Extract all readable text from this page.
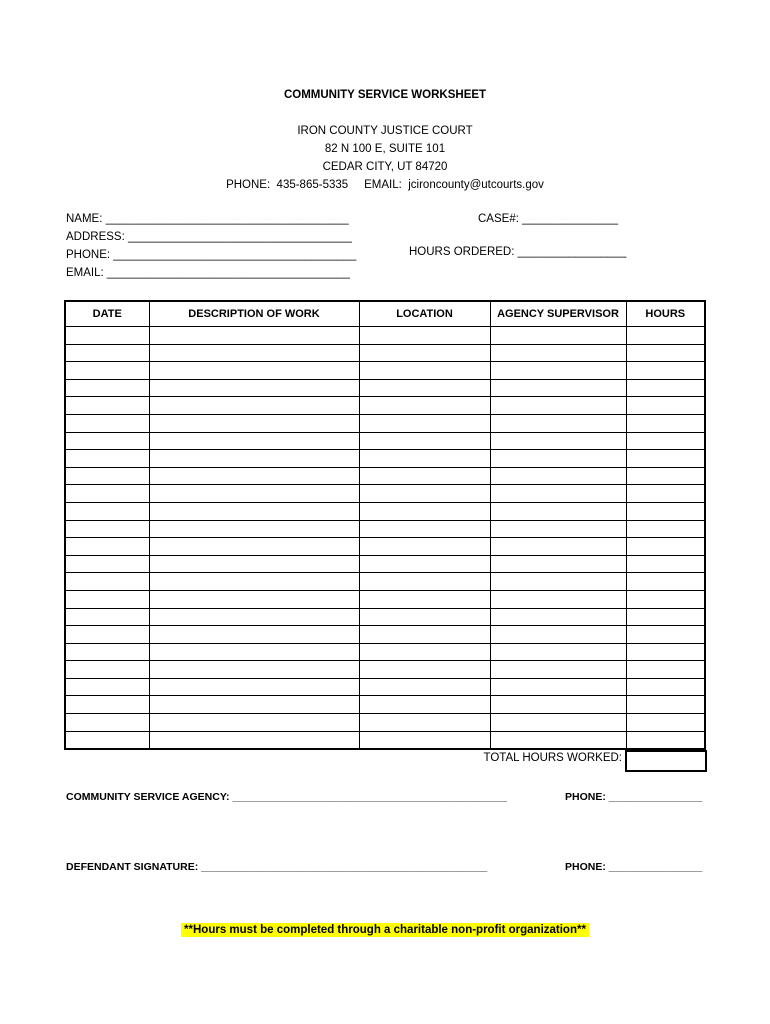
COMMUNITY SERVICE WORKSHEET
IRON COUNTY JUSTICE COURT
82 N 100 E, SUITE 101
CEDAR CITY, UT 84720
PHONE:  435-865-5335     EMAIL:  jcironcounty@utcourts.gov
NAME: ______________________________________
ADDRESS: ___________________________________
PHONE: ______________________________________
EMAIL: ______________________________________
CASE#: _______________
HOURS ORDERED: _________________
DATE	DESCRIPTION OF WORK	LOCATION	AGENCY SUPERVISOR	HOURS

TOTAL HOURS WORKED:
COMMUNITY SERVICE AGENCY: _______________________________________________	PHONE: ________________
DEFENDANT SIGNATURE: _________________________________________________	PHONE: ________________
**Hours must be completed through a charitable non-profit organization**
